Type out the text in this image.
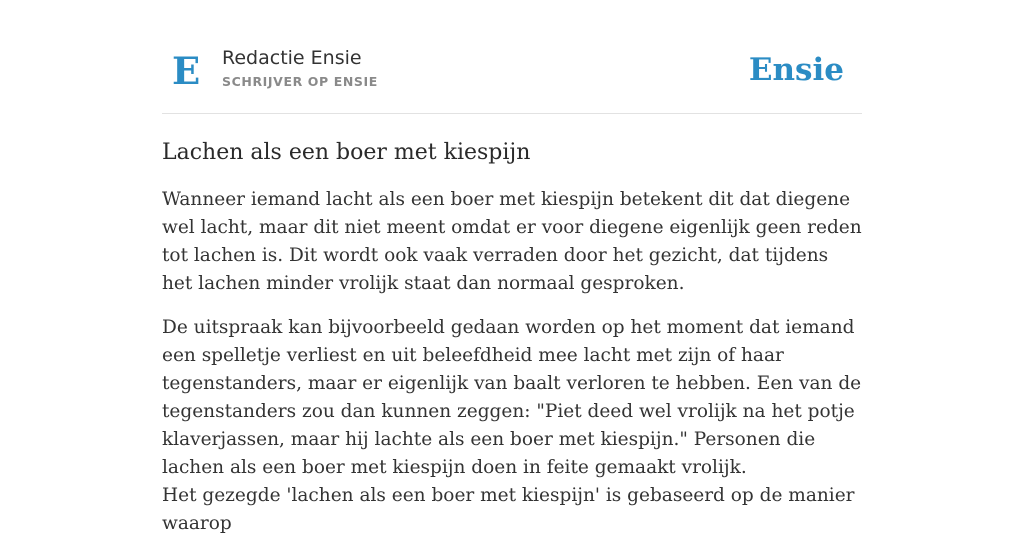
E Redactie Ensie
SCHRIJVER OP ENSIE	Ensie
Lachen als een boer met kiespijn

Wanneer iemand lacht als een boer met kiespijn betekent dit dat diegene wel lacht, maar dit niet meent omdat er voor diegene eigenlijk geen reden tot lachen is. Dit wordt ook vaak verraden door het gezicht, dat tijdens het lachen minder vrolijk staat dan normaal gesproken.

De uitspraak kan bijvoorbeeld gedaan worden op het moment dat iemand een spelletje verliest en uit beleefdheid mee lacht met zijn of haar tegenstanders, maar er eigenlijk van baalt verloren te hebben. Een van de tegenstanders zou dan kunnen zeggen: "Piet deed wel vrolijk na het potje klaverjassen, maar hij lachte als een boer met kiespijn." Personen die lachen als een boer met kiespijn doen in feite gemaakt vrolijk.

Het gezegde 'lachen als een boer met kiespijn' is gebaseerd op de manier waarop
